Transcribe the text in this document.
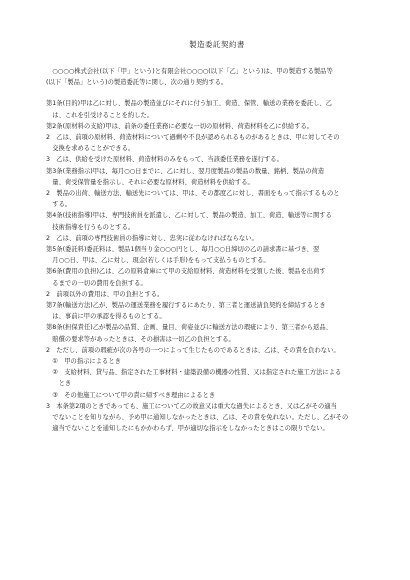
製造委託契約書

　○○○○株式会社(以下「甲」という)と有限会社○○○○(以下「乙」という)は、甲の製造する製品等

(以下「製品」という)の製造委託等に関し、次の通り契約する。

第1条(目的)甲は乙に対し、製品の製造並びにそれに付う加工、荷造、保管、輸送の業務を委託し、乙

　は、これを引受けることを約した。

第2条(原材料の支給)甲は、前条の委任業務に必要な一切の原材料、荷造材料を乙に供給する。

2　乙は、前項の原材料、荷造材料について過剰や不良が認められるものがあるときは、甲に対してその

　交換を求めることができる。

3　乙は、供給を受けた原材料、荷造材料のみをもって、当該委任業務を遂行する。

第3条(業務指示)甲は、毎月○○日までに、乙に対し、翌月度製品の製品の数量、銘柄、製品の荷造

　量、荷受保管量を指示し、それに必要な原材料、荷造材料を供給する。

2　製品の出荷、輸送方法、輸送先については、甲は、その都度乙に対し、書面をもって指示するものと

　する。

第4条(技術指導)甲は、専門技術員を派遣し、乙に対して、製品の製造、加工、荷造、輸送等に関する

　技術指導を行うものとする。

2　乙は、前項の専門技術員の指導に対し、忠実に従わなければならない。

第5条(委託料)委託料は、製品1個当り金○○○円とし、毎月○○日締切の乙の請求書に基づき、翌

　月○○日、甲は、乙に対し、現金(若しくは手形)をもって支払うものとする。

第6条(費用の負担)乙は、乙の原料倉庫にて甲の支給原材料、荷造材料を受領した後、製品を出荷す

　るまでの一切の費用を負担する。

2　前項以外の費用は、甲の負担とする。

第7条(輸送方法)乙が、製品の運送業務を履行するにあたり、第三者と運送請負契約を締結するとき

　は、事前に甲の承認を得るものとする。

第8条(担保責任)乙が製品の品質、企画、量目、荷姿並びに輸送方法の瑕疵により、第三者から返品、

　賠償の要求等があったときは、その損害は一切乙の負担とする。

2　ただし、前項の瑕疵が次の各号の一つによって生じたものであるときは、乙は、その責を負わない。

　①　甲の指示によるとき

　②　支給材料、貸与品、指定された工事材料・建築設備の機器の性質、又は指定された施工方法による

　　とき

　③　その他施工について甲の責に帰すべき理由によるとき

3　本条第2項のときであっても、施工について乙の故意又は重大な過失によるとき、又は乙がその適当

　でないことを知りながら、予め甲に通知しなかったときは、乙は、その責を免れない。ただし、乙がその

　適当でないことを通知したにもかかわらず、甲が適切な指示をしなかったときはこの限りでない。
